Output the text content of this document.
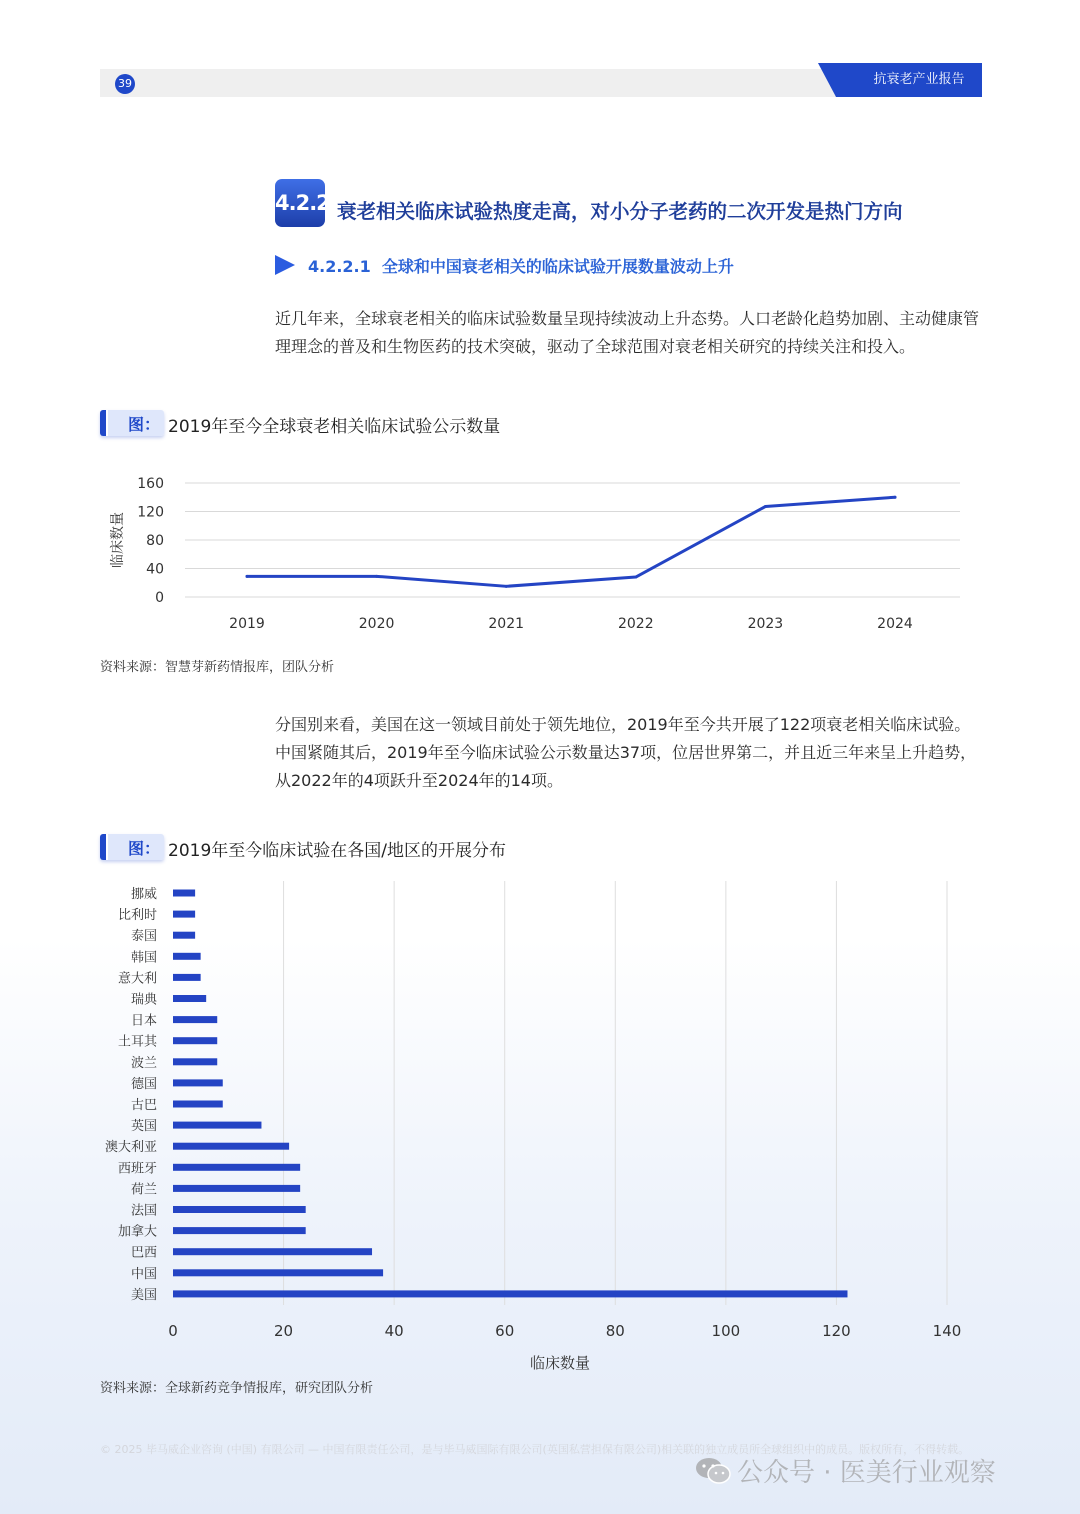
抗衰老产业报告
39
4.2.2 衰老相关临床试验热度走高，对小分子老药的二次开发是热门方向
4.2.2.1 全球和中国衰老相关的临床试验开展数量波动上升
近几年来，全球衰老相关的临床试验数量呈现持续波动上升态势。人口老龄化趋势加剧、主动健康管理理念的普及和生物医药的技术突破，驱动了全球范围对衰老相关研究的持续关注和投入。
图： 2019年至今全球衰老相关临床试验公示数量
0
40
80
120
160
2019	2020	2021	2022	2023	2024
临床数量
资料来源：智慧芽新药情报库，团队分析
分国别来看，美国在这一领域目前处于领先地位，2019年至今共开展了122项衰老相关临床试验。中国紧随其后，2019年至今临床试验公示数量达37项，位居世界第二，并且近三年来呈上升趋势，从2022年的4项跃升至2024年的14项。
图： 2019年至今临床试验在各国/地区的开展分布
0	20	40	60	80	100	120	140
临床数量
挪威
比利时
泰国
韩国
意大利
瑞典
日本
土耳其
波兰
德国
古巴
英国
澳大利亚
西班牙
荷兰
法国
加拿大
巴西
中国
美国
资料来源：全球新药竞争情报库，研究团队分析
© 2025 毕马威企业咨询 (中国) 有限公司 — 中国有限责任公司，是与毕马威国际有限公司(英国私营担保有限公司)相关联的独立成员所全球组织中的成员。版权所有，不得转载。
公众号 · 医美行业观察
